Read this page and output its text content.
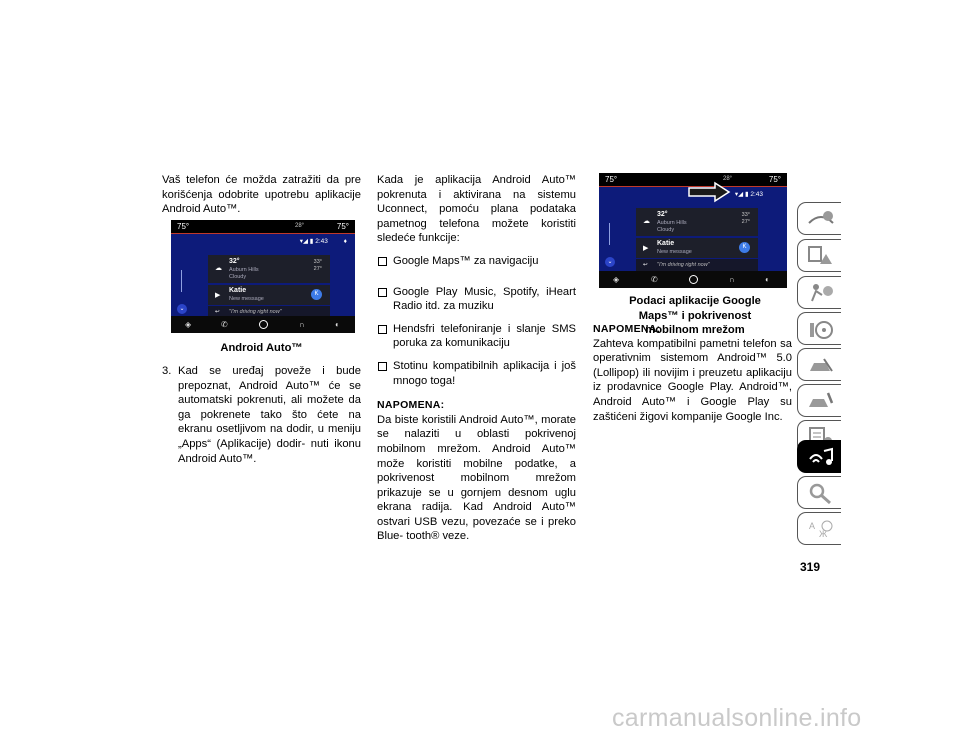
Vaš telefon će možda zatražiti da pre korišćenja odobrite upotrebu aplikacije Android Auto™.

75°	28°	75°
▾◢ ▮ 2:43 ♦
⌄
☁
32°
Auburn Hills
Cloudy
33°
27°
▶
Katie
New message
K
↩ "I'm driving right now"
◈	✆	∩	◐
Android Auto™
3. Kad se uređaj poveže i bude prepoznat, Android Auto™ će se automatski pokrenuti, ali možete da ga pokrenete tako što ćete na ekranu osetljivom na dodir, u meniju „Apps“ (Aplikacije) dodir- nuti ikonu Android Auto™.

Kada je aplikacija Android Auto™ pokrenuta i aktivirana na sistemu Uconnect, pomoću plana podataka pametnog telefona možete koristiti sledeće funkcije:

Google Maps™ za navigaciju
Google Play Music, Spotify, iHeart Radio itd. za muziku
Hendsfri telefoniranje i slanje SMS poruka za komunikaciju
Stotinu kompatibilnih aplikacija i još mnogo toga!
NAPOMENA:

Da biste koristili Android Auto™, morate se nalaziti u oblasti pokrivenoj mobilnom mrežom. Android Auto™ može koristiti mobilne podatke, a pokrivenost mobilnom mrežom prikazuje se u gornjem desnom uglu ekrana radija. Kad Android Auto™ ostvari USB vezu, povezaće se i preko Blue- tooth® veze.

75°	28°	75°
▾◢ ▮ 2:43
⌄
☁
32°
Auburn Hills
Cloudy
33°
27°
▶
Katie
New message
K
↩ "I'm driving right now"
◈	✆	∩	◐
Podaci aplikacije Google Maps™ i pokrivenost mobilnom mrežom
NAPOMENA:

Zahteva kompatibilni pametni telefon sa operativnim sistemom Android™ 5.0 (Lollipop) ili novijim i preuzetu aplikaciju iz prodavnice Google Play. Android™, Android Auto™ i Google Play su zaštićeni žigovi kompanije Google Inc.

A
Ж
319
carmanualsonline.info
